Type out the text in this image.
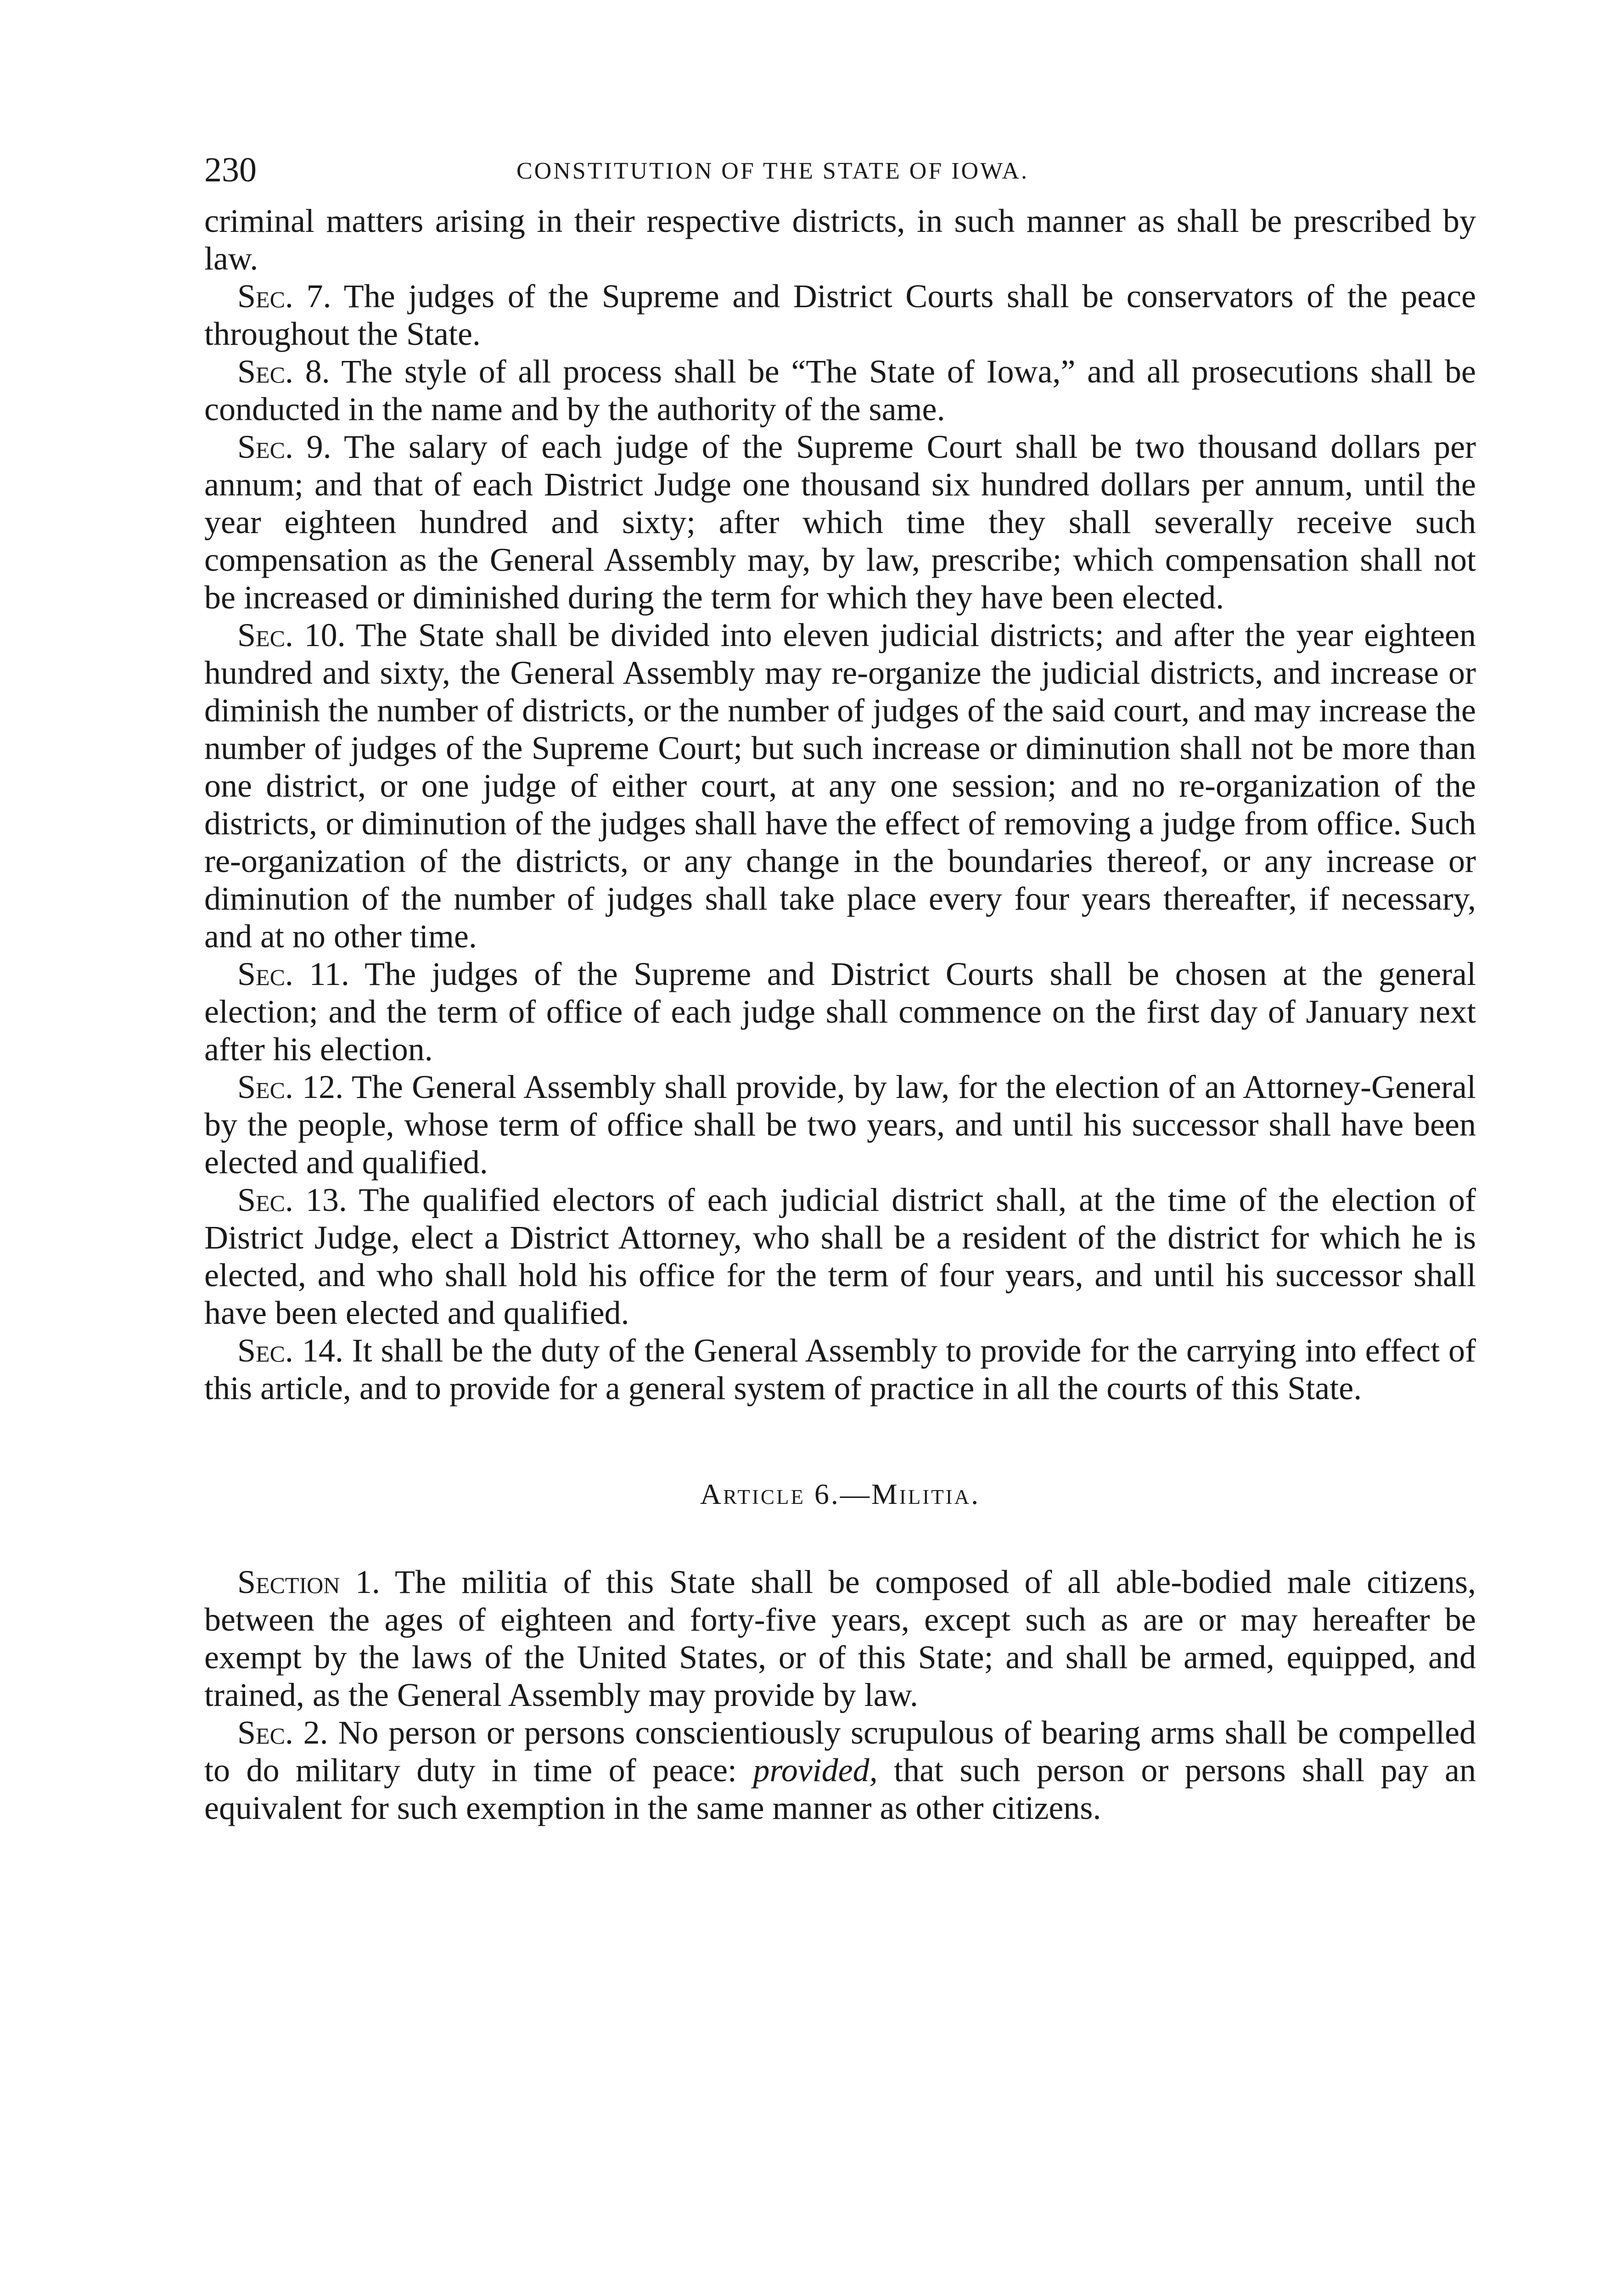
230	CONSTITUTION OF THE STATE OF IOWA.

criminal matters arising in their respective districts, in such manner as shall be prescribed by law.

Sec. 7. The judges of the Supreme and District Courts shall be conservators of the peace throughout the State.

Sec. 8. The style of all process shall be “The State of Iowa,” and all prosecutions shall be conducted in the name and by the authority of the same.

Sec. 9. The salary of each judge of the Supreme Court shall be two thousand dollars per annum; and that of each District Judge one thousand six hundred dollars per annum, until the year eighteen hundred and sixty; after which time they shall severally receive such compensation as the General Assembly may, by law, prescribe; which compensation shall not be increased or diminished during the term for which they have been elected.

Sec. 10. The State shall be divided into eleven judicial districts; and after the year eighteen hundred and sixty, the General Assembly may re-organize the judicial districts, and increase or diminish the number of districts, or the number of judges of the said court, and may increase the number of judges of the Supreme Court; but such increase or diminution shall not be more than one district, or one judge of either court, at any one session; and no re-organization of the districts, or diminution of the judges shall have the effect of removing a judge from office. Such re-organization of the districts, or any change in the boundaries thereof, or any increase or diminution of the number of judges shall take place every four years thereafter, if necessary, and at no other time.

Sec. 11. The judges of the Supreme and District Courts shall be chosen at the general election; and the term of office of each judge shall commence on the first day of January next after his election.

Sec. 12. The General Assembly shall provide, by law, for the election of an Attorney-General by the people, whose term of office shall be two years, and until his successor shall have been elected and qualified.

Sec. 13. The qualified electors of each judicial district shall, at the time of the election of District Judge, elect a District Attorney, who shall be a resident of the district for which he is elected, and who shall hold his office for the term of four years, and until his successor shall have been elected and qualified.

Sec. 14. It shall be the duty of the General Assembly to provide for the carrying into effect of this article, and to provide for a general system of practice in all the courts of this State.

Article 6.—Militia.

Section 1. The militia of this State shall be composed of all able-bodied male citizens, between the ages of eighteen and forty-five years, except such as are or may hereafter be exempt by the laws of the United States, or of this State; and shall be armed, equipped, and trained, as the General Assembly may provide by law.

Sec. 2. No person or persons conscientiously scrupulous of bearing arms shall be compelled to do military duty in time of peace: provided, that such person or persons shall pay an equivalent for such exemption in the same manner as other citizens.
